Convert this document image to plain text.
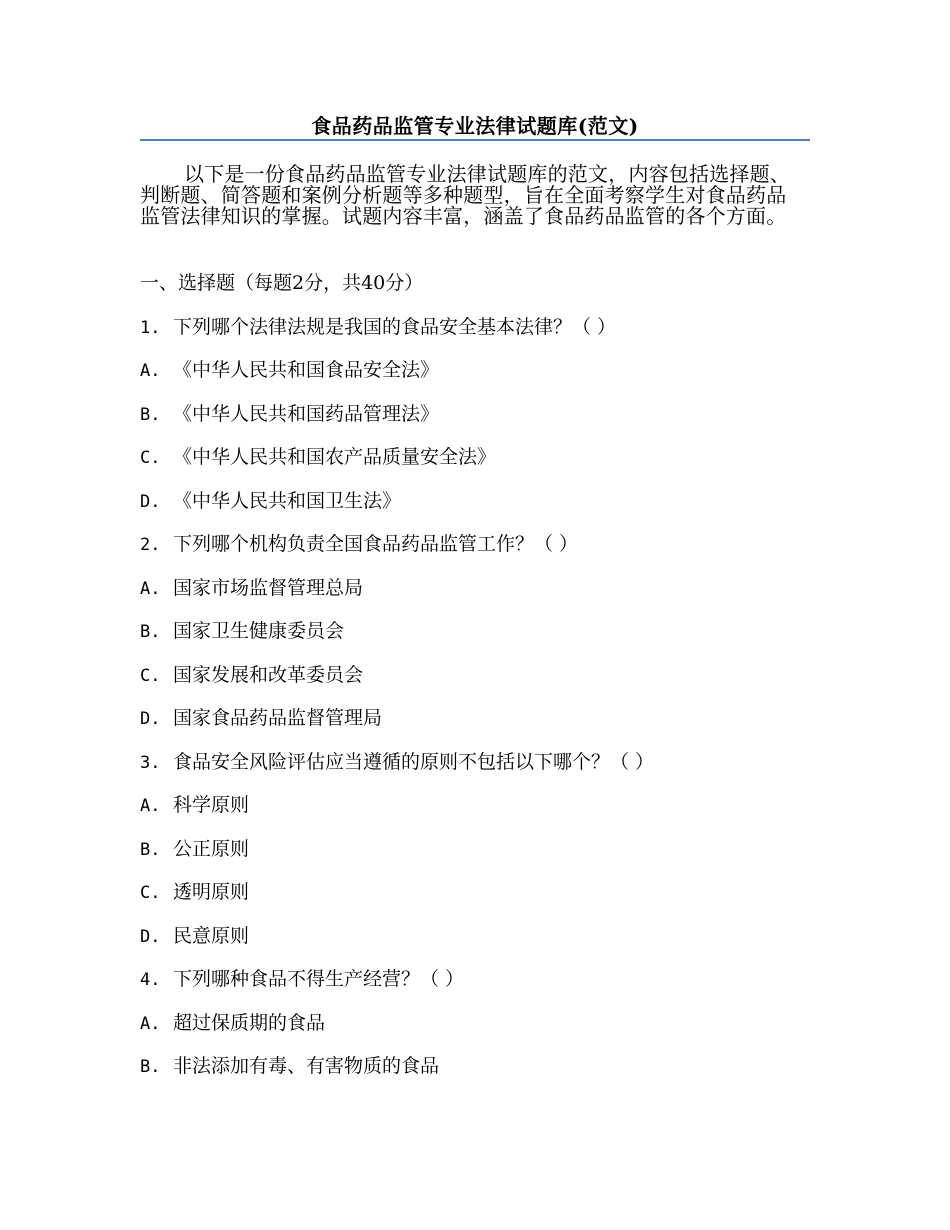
食品药品监管专业法律试题库(范文)

以下是一份食品药品监管专业法律试题库的范文，内容包括选择题、判断题、简答题和案例分析题等多种题型，旨在全面考察学生对食品药品监管法律知识的掌握。试题内容丰富，涵盖了食品药品监管的各个方面。

一、选择题（每题2分，共40分）
1. 下列哪个法律法规是我国的食品安全基本法律？（ ）
A. 《中华人民共和国食品安全法》
B. 《中华人民共和国药品管理法》
C. 《中华人民共和国农产品质量安全法》
D. 《中华人民共和国卫生法》
2. 下列哪个机构负责全国食品药品监管工作？（ ）
A. 国家市场监督管理总局
B. 国家卫生健康委员会
C. 国家发展和改革委员会
D. 国家食品药品监督管理局
3. 食品安全风险评估应当遵循的原则不包括以下哪个？（ ）
A. 科学原则
B. 公正原则
C. 透明原则
D. 民意原则
4. 下列哪种食品不得生产经营？（ ）
A. 超过保质期的食品
B. 非法添加有毒、有害物质的食品
